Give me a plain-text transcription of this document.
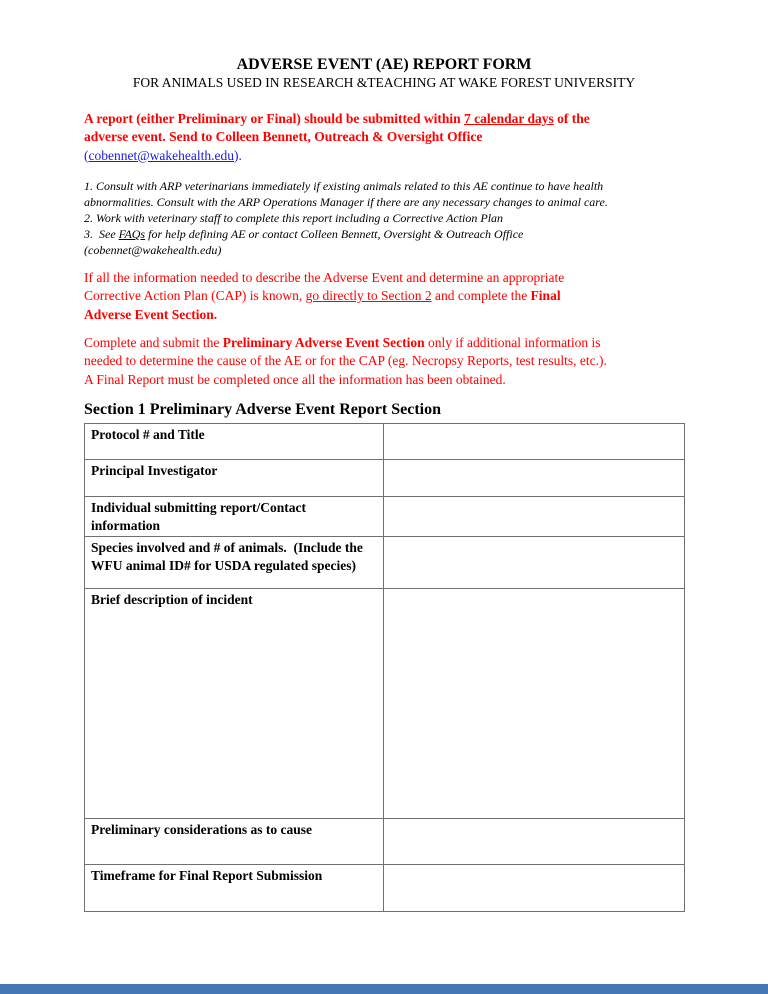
ADVERSE EVENT (AE) REPORT FORM
FOR ANIMALS USED IN RESEARCH &TEACHING AT WAKE FOREST UNIVERSITY
A report (either Preliminary or Final) should be submitted within 7 calendar days of the
adverse event. Send to Colleen Bennett, Outreach & Oversight Office
(cobennet@wakehealth.edu).
1. Consult with ARP veterinarians immediately if existing animals related to this AE continue to have health
abnormalities. Consult with the ARP Operations Manager if there are any necessary changes to animal care.
2. Work with veterinary staff to complete this report including a Corrective Action Plan
3.  See FAQs for help defining AE or contact Colleen Bennett, Oversight & Outreach Office
(cobennet@wakehealth.edu)
If all the information needed to describe the Adverse Event and determine an appropriate
Corrective Action Plan (CAP) is known, go directly to Section 2 and complete the Final
Adverse Event Section.
Complete and submit the Preliminary Adverse Event Section only if additional information is
needed to determine the cause of the AE or for the CAP (eg. Necropsy Reports, test results, etc.).
A Final Report must be completed once all the information has been obtained.
Section 1 Preliminary Adverse Event Report Section
Protocol # and Title	
Principal Investigator	
Individual submitting report/Contact information	
Species involved and # of animals.  (Include the WFU animal ID# for USDA regulated species)	
Brief description of incident	
Preliminary considerations as to cause	
Timeframe for Final Report Submission	
